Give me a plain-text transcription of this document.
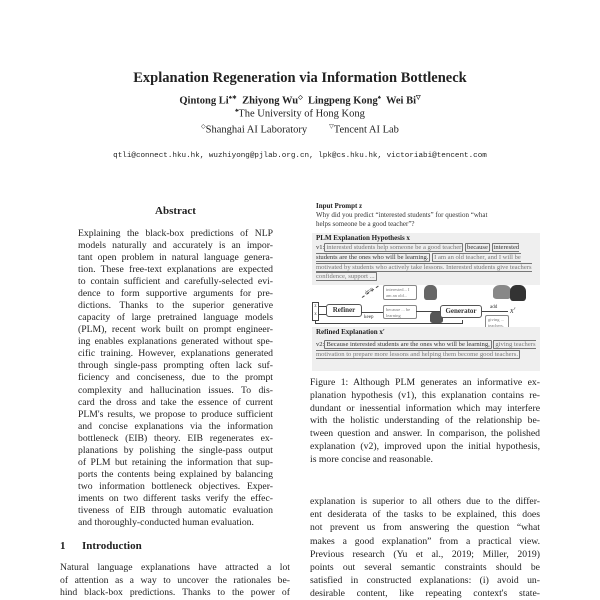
Explanation Regeneration via Information Bottleneck
Qintong Li♠∗ Zhiyong Wu◇ Lingpeng Kong♠ Wei Bi▽
♠The University of Hong Kong
◇Shanghai AI Laboratory	▽Tencent AI Lab
qtli@connect.hku.hk, wuzhiyong@pjlab.org.cn, lpk@cs.hku.hk, victoriabi@tencent.com
Abstract
Explaining the black-box predictions of NLP
models naturally and accurately is an impor-
tant open problem in natural language genera-
tion. These free-text explanations are expected
to contain sufficient and carefully-selected evi-
dence to form supportive arguments for pre-
dictions. Thanks to the superior generative
capacity of large pretrained language models
(PLM), recent work built on prompt engineer-
ing enables explanations generated without spe-
cific training. However, explanations generated
through single-pass prompting often lack suf-
ficiency and conciseness, due to the prompt
complexity and hallucination issues. To dis-
card the dross and take the essence of current
PLM's results, we propose to produce sufficient
and concise explanations via the information
bottleneck (EIB) theory. EIB regenerates ex-
planations by polishing the single-pass output
of PLM but retaining the information that sup-
ports the contents being explained by balancing
two information bottleneck objectives. Exper-
iments on two different tasks verify the effec-
tiveness of EIB through automatic evaluation
and thoroughly-conducted human evaluation.
1 Introduction
Natural language explanations have attracted a lot
of attention as a way to uncover the rationales be-
hind black-box predictions. Thanks to the power of
Input Prompt z
Why did you predict “interested students” for question “what
helps someone be a good teacher”?
PLM Explanation Hypothesis x
v1: interested students help someone be a good teacher because interested students are the ones who will be learning. I am an old teacher, and I will be motivated by students who actively take lessons. Interested students give teachers confidence, support ...
z
x
Refiner
drop
keep
interested... I am an old...
because ... be learning	Generator	add
giving ... teachers.
x′
Refined Explanation x′
v2: Because interested students are the ones who will be learning, giving teachers motivation to prepare more lessons and helping them become good teachers.
Figure 1: Although PLM generates an informative ex-
planation hypothesis (v1), this explanation contains re-
dundant or inessential information which may interfere
with the holistic understanding of the relationship be-
tween question and answer. In comparison, the polished
explanation (v2), improved upon the initial hypothesis,
is more concise and reasonable.
explanation is superior to all others due to the differ-
ent desiderata of the tasks to be explained, this does
not prevent us from answering the question “what
makes a good explanation” from a practical view.
Previous research (Yu et al., 2019; Miller, 2019)
points out several semantic constraints should be
satisfied in constructed explanations: (i) avoid un-
desirable content, like repeating context's state-
